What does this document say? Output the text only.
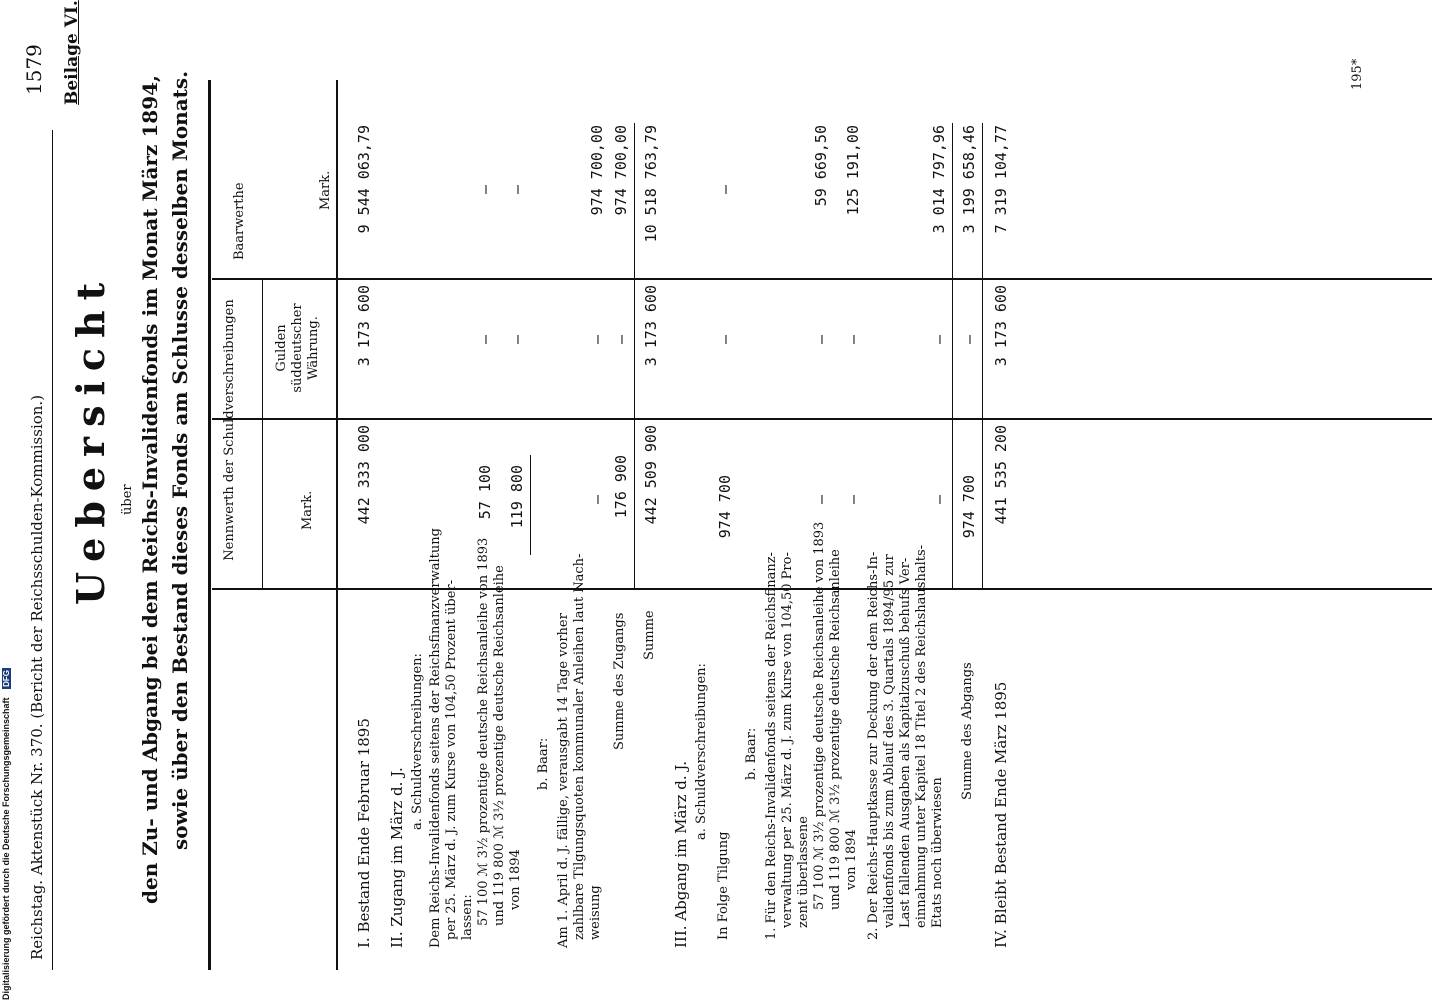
Reichstag. Aktenstück Nr. 370. (Bericht der Reichsschulden-Kommission.)
1579 Beilage VI.
Uebersicht über den Zu- und Abgang bei dem Reichs-Invalidenfonds im Monat März 1894, sowie über den Bestand dieses Fonds am Schlusse desselben Monats. Nennwerth der Schuldverschreibungen	Mark.
Gulden süddeutscher Währung.
Baarwerthe	Mark.
I. Bestand Ende Februar 1895
442 333 000
3 173 600
9 544 063,79
II. Zugang im März d. J.
a. Schuldverschreibungen: Dem Reichs-Invalidenfonds seitens der Reichsfinanzverwaltung per 25. März d. J. zum Kurse von 104,50 Prozent über- lassen: 57 100 ℳ 3½ prozentige deutsche Reichsanleihe von 1893
57 100
und 119 800 ℳ 3½ prozentige deutsche Reichsanleihe von 1894
119 800
— —
— —
b. Baar: Am 1. April d. J. fällige, verausgabt 14 Tage vorher zahlbare Tilgungsquoten kommunaler Anleihen laut Nach- weisung
—
—
974 700,00
Summe des Zugangs
176 900
—
974 700,00
Summe
442 509 900
3 173 600
10 518 763,79
III. Abgang im März d. J.
a. Schuldverschreibungen:
In Folge Tilgung
974 700
—
—
b. Baar: 1. Für den Reichs-Invalidenfonds seitens der Reichsfinanz- verwaltung per 25. März d. J. zum Kurse von 104,50 Pro- zent überlassene 57 100 ℳ 3½ prozentige deutsche Reichsanleihe von 1893
—
—
59 669,50
und 119 800 ℳ 3½ prozentige deutsche Reichsanleihe von 1894
—
—
125 191,00
2. Der Reichs-Hauptkasse zur Deckung der dem Reichs-In- validenfonds bis zum Ablauf des 3. Quartals 1894/95 zur Last fallenden Ausgaben als Kapitalzuschuß behufs Ver- einnahmung unter Kapitel 18 Titel 2 des Reichshaushalts- Etats noch überwiesen
—
—
3 014 797,96
Summe des Abgangs
974 700
—
3 199 658,46
IV. Bleibt Bestand Ende März 1895
441 535 200
3 173 600
7 319 104,77
195*
Digitalisierung gefördert durch die Deutsche Forschungsgemeinschaft DFG
